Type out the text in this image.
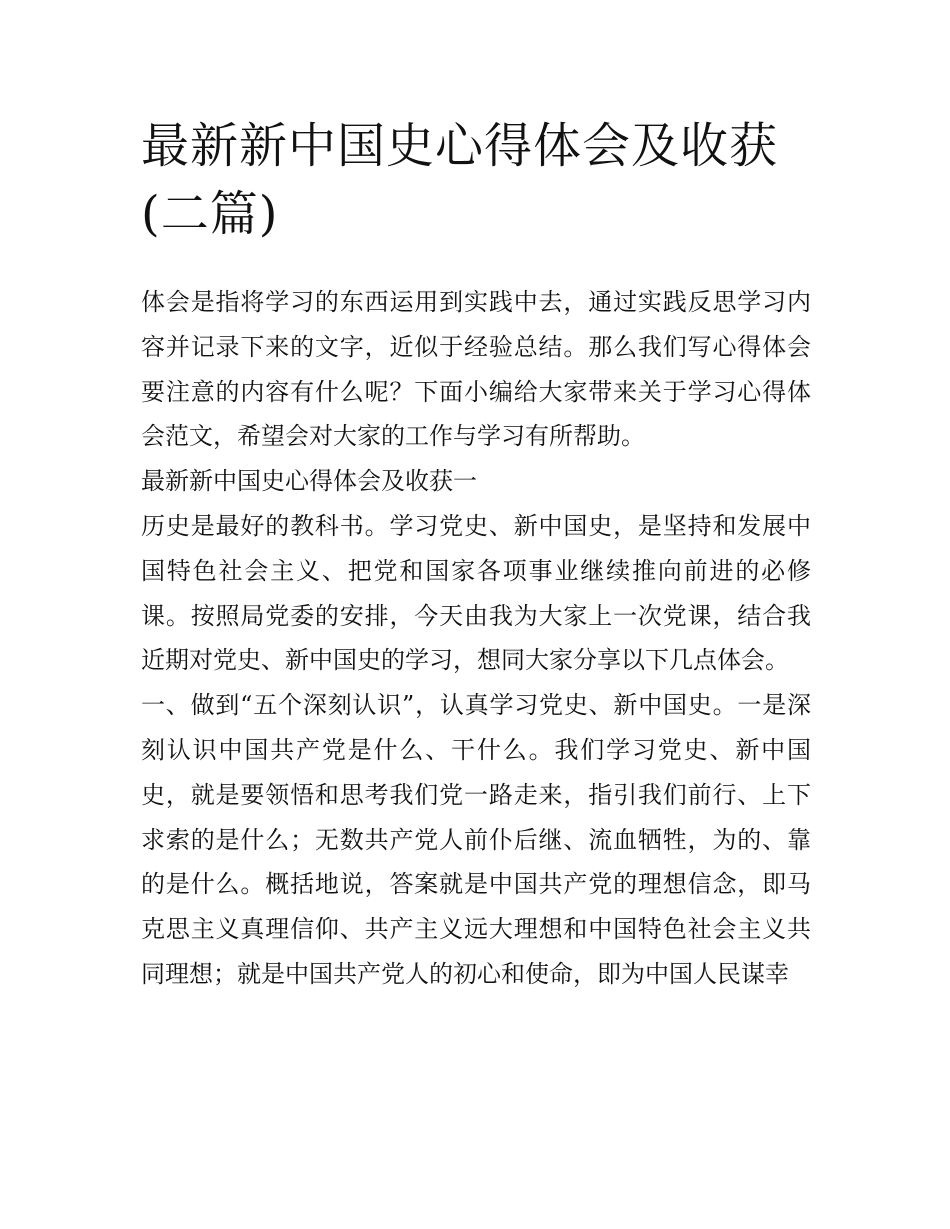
最新新中国史心得体会及收获(二篇)

体会是指将学习的东西运用到实践中去，通过实践反思学习内容并记录下来的文字，近似于经验总结。那么我们写心得体会要注意的内容有什么呢？下面小编给大家带来关于学习心得体会范文，希望会对大家的工作与学习有所帮助。

最新新中国史心得体会及收获一

历史是最好的教科书。学习党史、新中国史，是坚持和发展中国特色社会主义、把党和国家各项事业继续推向前进的必修课。按照局党委的安排，今天由我为大家上一次党课，结合我近期对党史、新中国史的学习，想同大家分享以下几点体会。

一、做到“五个深刻认识”，认真学习党史、新中国史。一是深刻认识中国共产党是什么、干什么。我们学习党史、新中国史，就是要领悟和思考我们党一路走来，指引我们前行、上下求索的是什么；无数共产党人前仆后继、流血牺牲，为的、靠的是什么。概括地说，答案就是中国共产党的理想信念，即马克思主义真理信仰、共产主义远大理想和中国特色社会主义共同理想；就是中国共产党人的初心和使命，即为中国人民谋幸
